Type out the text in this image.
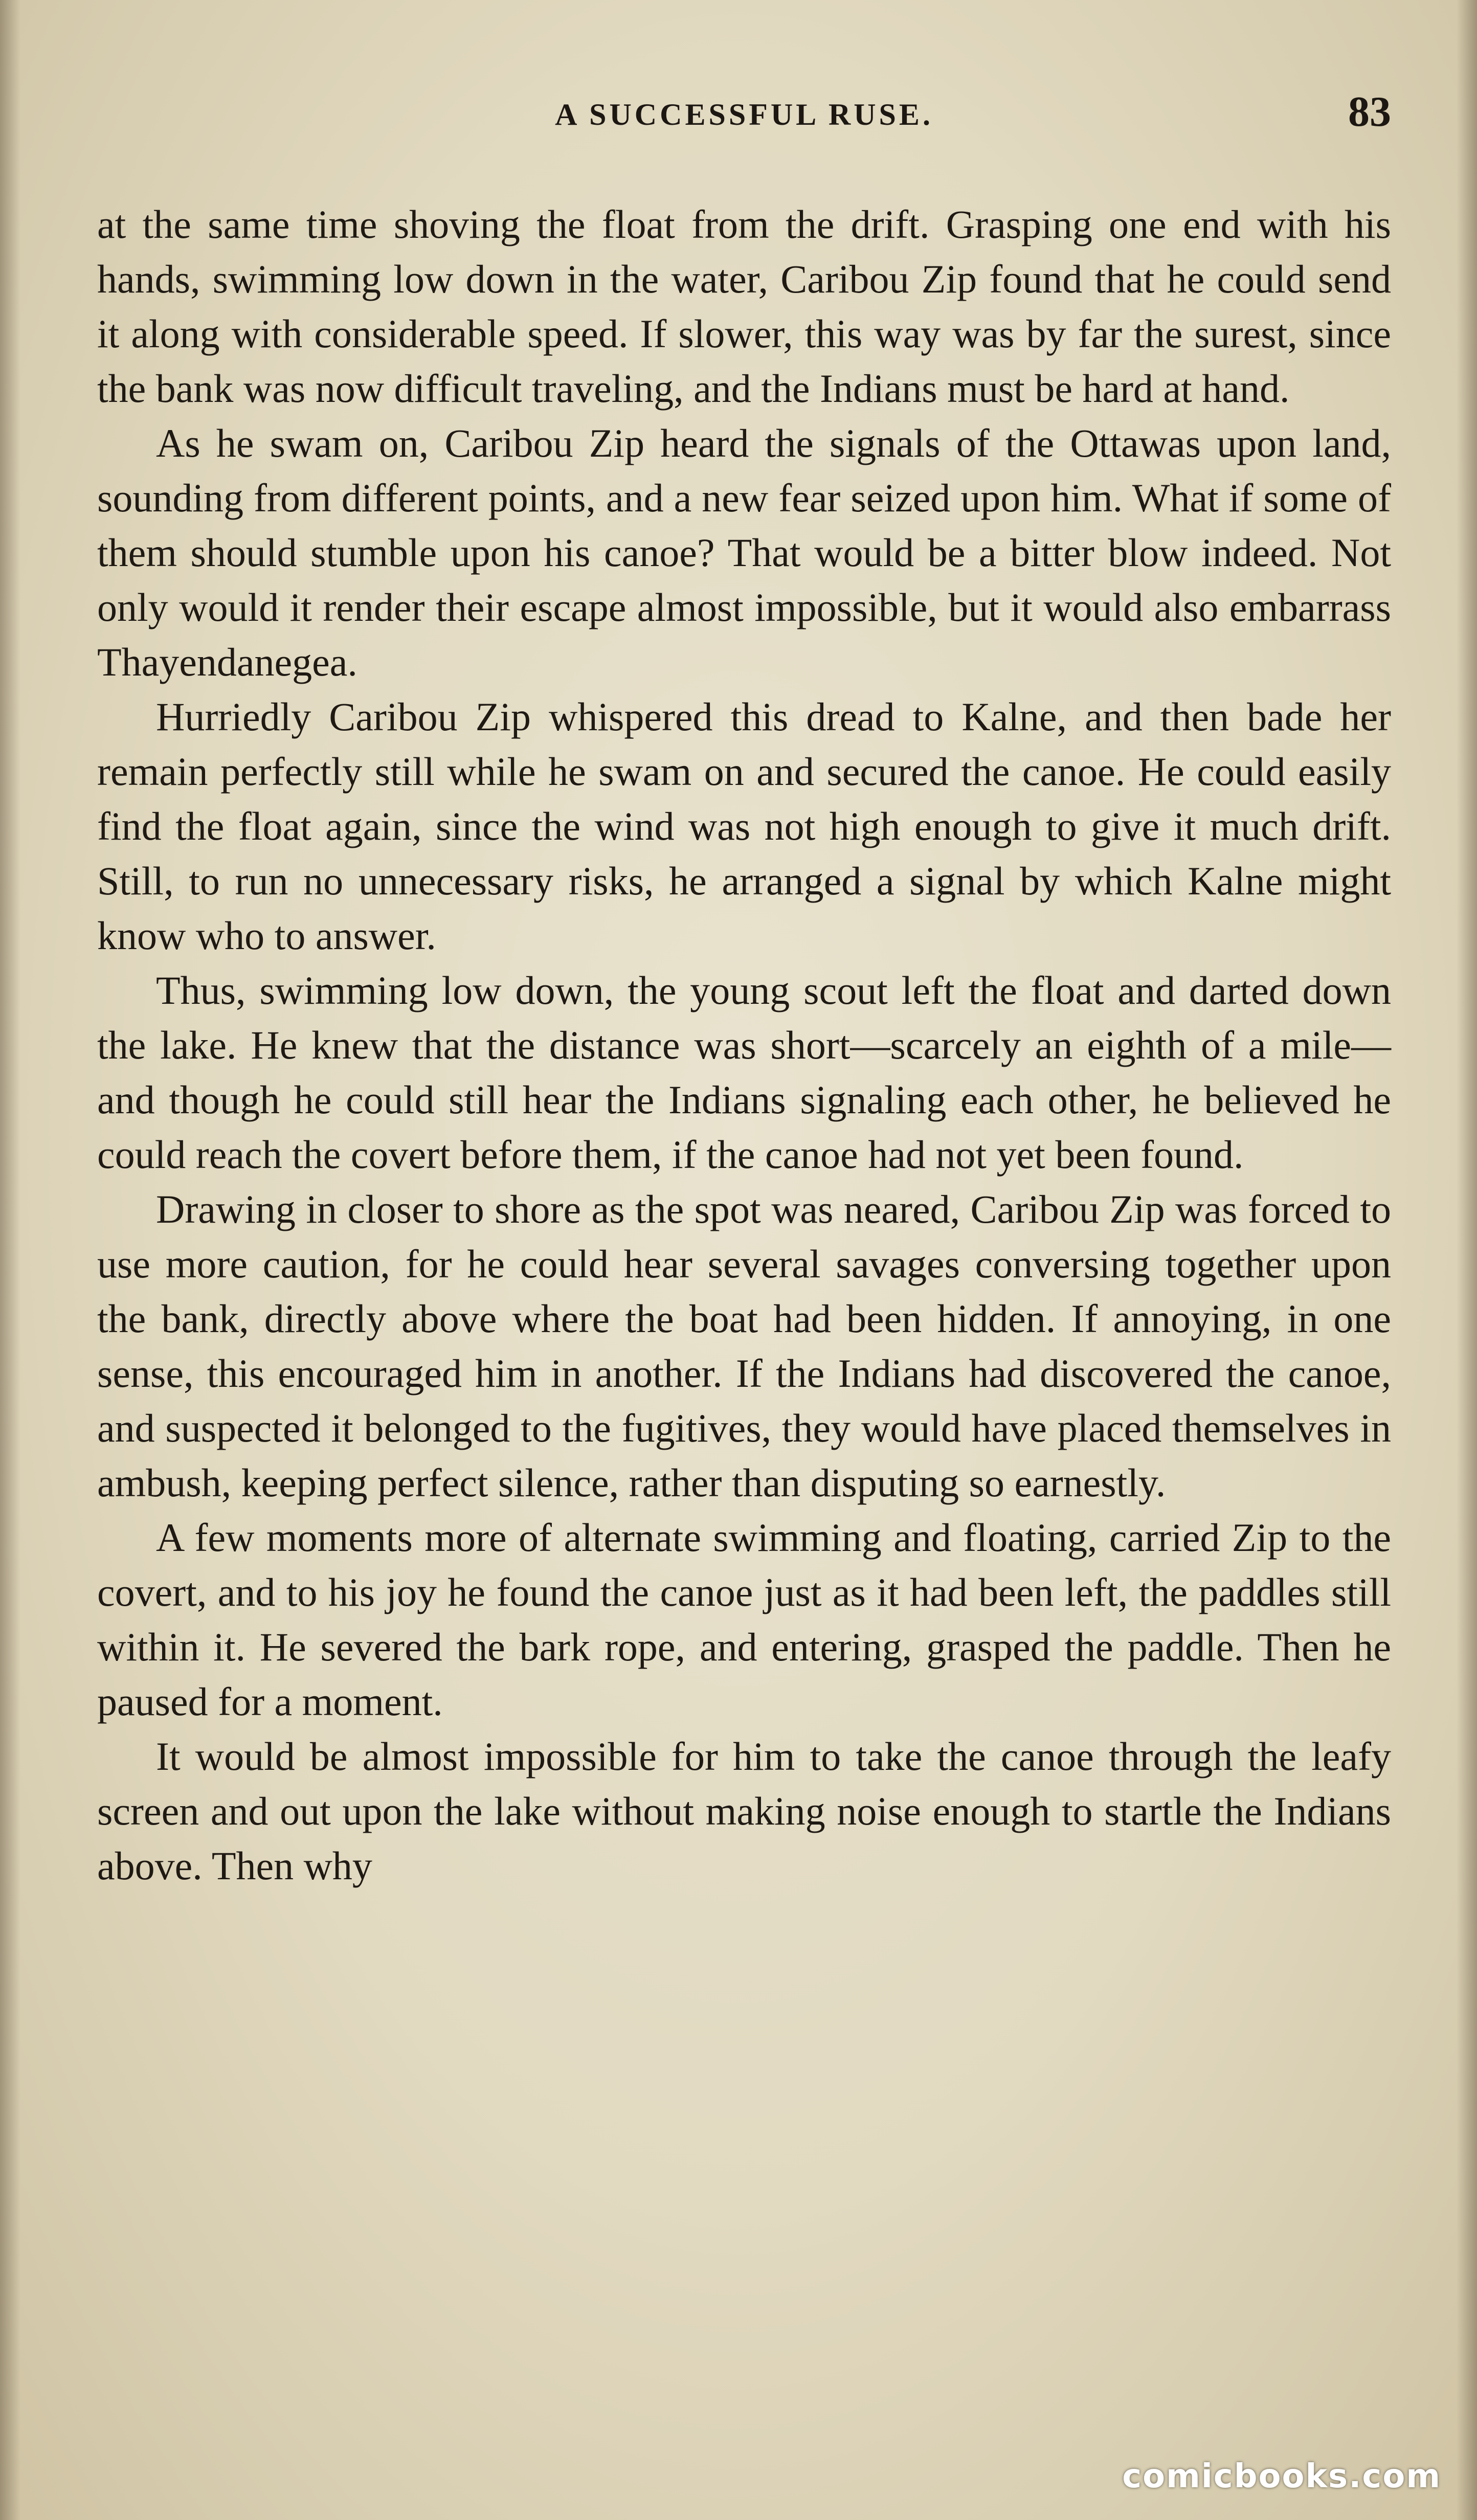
A SUCCESSFUL RUSE.	83

at the same time shoving the float from the drift. Grasping one end with his hands, swimming low down in the water, Caribou Zip found that he could send it along with considerable speed. If slower, this way was by far the surest, since the bank was now difficult traveling, and the Indians must be hard at hand.

As he swam on, Caribou Zip heard the signals of the Ottawas upon land, sounding from different points, and a new fear seized upon him. What if some of them should stumble upon his canoe? That would be a bitter blow indeed. Not only would it render their escape almost impossible, but it would also embarrass Thayendanegea.

Hurriedly Caribou Zip whispered this dread to Kalne, and then bade her remain perfectly still while he swam on and secured the canoe. He could easily find the float again, since the wind was not high enough to give it much drift. Still, to run no unnecessary risks, he arranged a signal by which Kalne might know who to answer.

Thus, swimming low down, the young scout left the float and darted down the lake. He knew that the distance was short—scarcely an eighth of a mile—and though he could still hear the Indians signaling each other, he believed he could reach the covert before them, if the canoe had not yet been found.

Drawing in closer to shore as the spot was neared, Caribou Zip was forced to use more caution, for he could hear several savages conversing together upon the bank, directly above where the boat had been hidden. If annoying, in one sense, this encouraged him in another. If the Indians had discovered the canoe, and suspected it belonged to the fugitives, they would have placed themselves in ambush, keeping perfect silence, rather than disputing so earnestly.

A few moments more of alternate swimming and floating, carried Zip to the covert, and to his joy he found the canoe just as it had been left, the paddles still within it. He severed the bark rope, and entering, grasped the paddle. Then he paused for a moment.

It would be almost impossible for him to take the canoe through the leafy screen and out upon the lake without making noise enough to startle the Indians above. Then why

comicbooks.com
